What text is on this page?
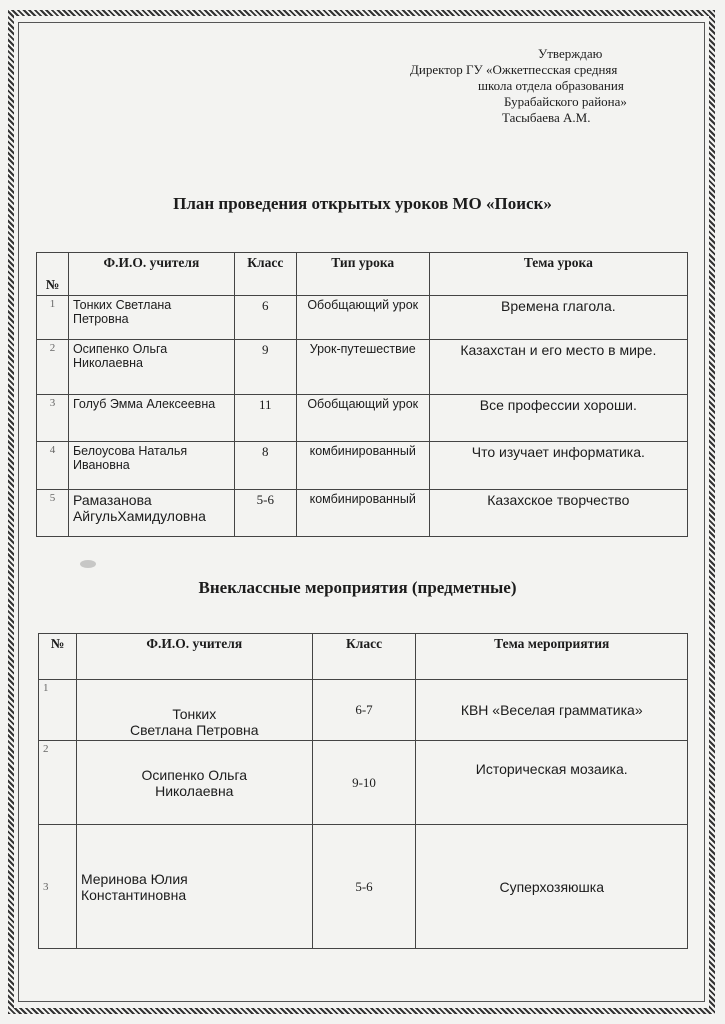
Утверждаю
Директор ГУ «Ожкетпесская средняя
школа отдела образования
Бурабайского района»
Тасыбаева А.М.
План проведения открытых уроков МО «Поиск»
№	Ф.И.О. учителя	Класс	Тип урока	Тема урока
1	Тонких Светлана
Петровна	6	Обобщающий урок	Времена глагола.
2	Осипенко Ольга
Николаевна	9	Урок-путешествие	Казахстан и его место в мире.
3	Голуб Эмма Алексеевна	11	Обобщающий урок	Все профессии хороши.
4	Белоусова Наталья
Ивановна	8	комбинированный	Что изучает информатика.
5	Рамазанова
АйгульХамидуловна	5-6	комбинированный	Казахское творчество
Внеклассные мероприятия (предметные)
№	Ф.И.О. учителя	Класс	Тема мероприятия
1	Тонких
Светлана Петровна	6-7	КВН «Веселая грамматика»
2	Осипенко Ольга
Николаевна	9-10	Историческая мозаика.
3	Меринова Юлия
Константиновна	5-6	Суперхозяюшка
